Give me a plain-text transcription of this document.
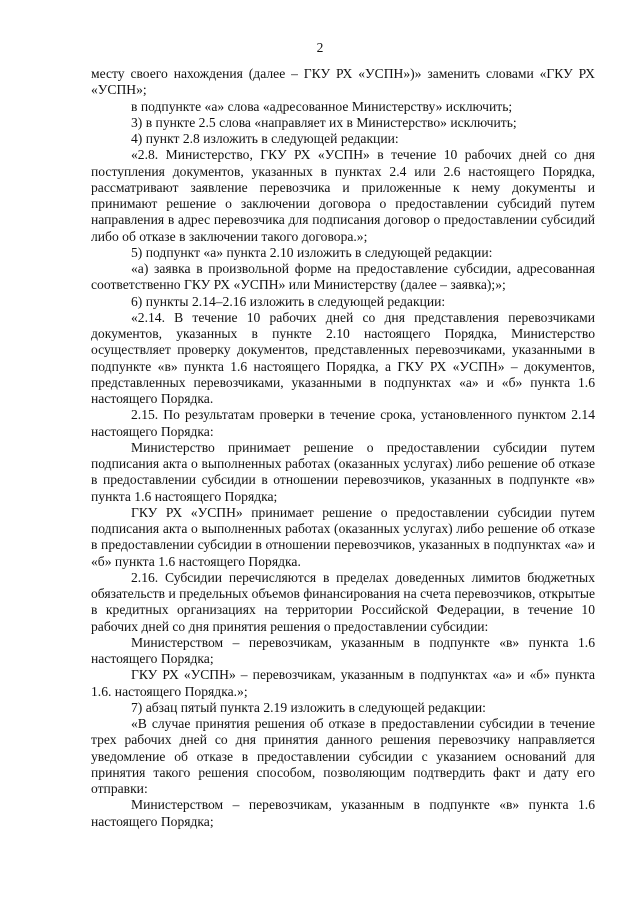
2

месту своего нахождения (далее – ГКУ РХ «УСПН»)» заменить словами «ГКУ РХ «УСПН»;

в подпункте «а» слова «адресованное Министерству» исключить;

3) в пункте 2.5 слова «направляет их в Министерство» исключить;

4) пункт 2.8 изложить в следующей редакции:

«2.8. Министерство, ГКУ РХ «УСПН» в течение 10 рабочих дней со дня поступления документов, указанных в пунктах 2.4 или 2.6 настоящего Порядка, рассматривают заявление перевозчика и приложенные к нему документы и принимают решение о заключении договора о предоставлении субсидий путем направления в адрес перевозчика для подписания договор о предоставлении субсидий либо об отказе в заключении такого договора.»;

5) подпункт «а» пункта 2.10 изложить в следующей редакции:

«а) заявка в произвольной форме на предоставление субсидии, адресованная соответственно ГКУ РХ «УСПН» или Министерству (далее – заявка);»;

6) пункты 2.14–2.16 изложить в следующей редакции:

«2.14. В течение 10 рабочих дней со дня представления перевозчиками документов, указанных в пункте 2.10 настоящего Порядка, Министерство осуществляет проверку документов, представленных перевозчиками, указанными в подпункте «в» пункта 1.6 настоящего Порядка, а ГКУ РХ «УСПН» – документов, представленных перевозчиками, указанными в подпунктах «а» и «б» пункта 1.6 настоящего Порядка.

2.15. По результатам проверки в течение срока, установленного пунктом 2.14 настоящего Порядка:

Министерство принимает решение о предоставлении субсидии путем подписания акта о выполненных работах (оказанных услугах) либо решение об отказе в предоставлении субсидии в отношении перевозчиков, указанных в подпункте «в» пункта 1.6 настоящего Порядка;

ГКУ РХ «УСПН» принимает решение о предоставлении субсидии путем подписания акта о выполненных работах (оказанных услугах) либо решение об отказе в предоставлении субсидии в отношении перевозчиков, указанных в подпунктах «а» и «б» пункта 1.6 настоящего Порядка.

2.16. Субсидии перечисляются в пределах доведенных лимитов бюджетных обязательств и предельных объемов финансирования на счета перевозчиков, открытые в кредитных организациях на территории Российской Федерации, в течение 10 рабочих дней со дня принятия решения о предоставлении субсидии:

Министерством – перевозчикам, указанным в подпункте «в» пункта 1.6 настоящего Порядка;

ГКУ РХ «УСПН» – перевозчикам, указанным в подпунктах «а» и «б» пункта 1.6. настоящего Порядка.»;

7) абзац пятый пункта 2.19 изложить в следующей редакции:

«В случае принятия решения об отказе в предоставлении субсидии в течение трех рабочих дней со дня принятия данного решения перевозчику направляется уведомление об отказе в предоставлении субсидии с указанием оснований для принятия такого решения способом, позволяющим подтвердить факт и дату его отправки:

Министерством – перевозчикам, указанным в подпункте «в» пункта 1.6 настоящего Порядка;
